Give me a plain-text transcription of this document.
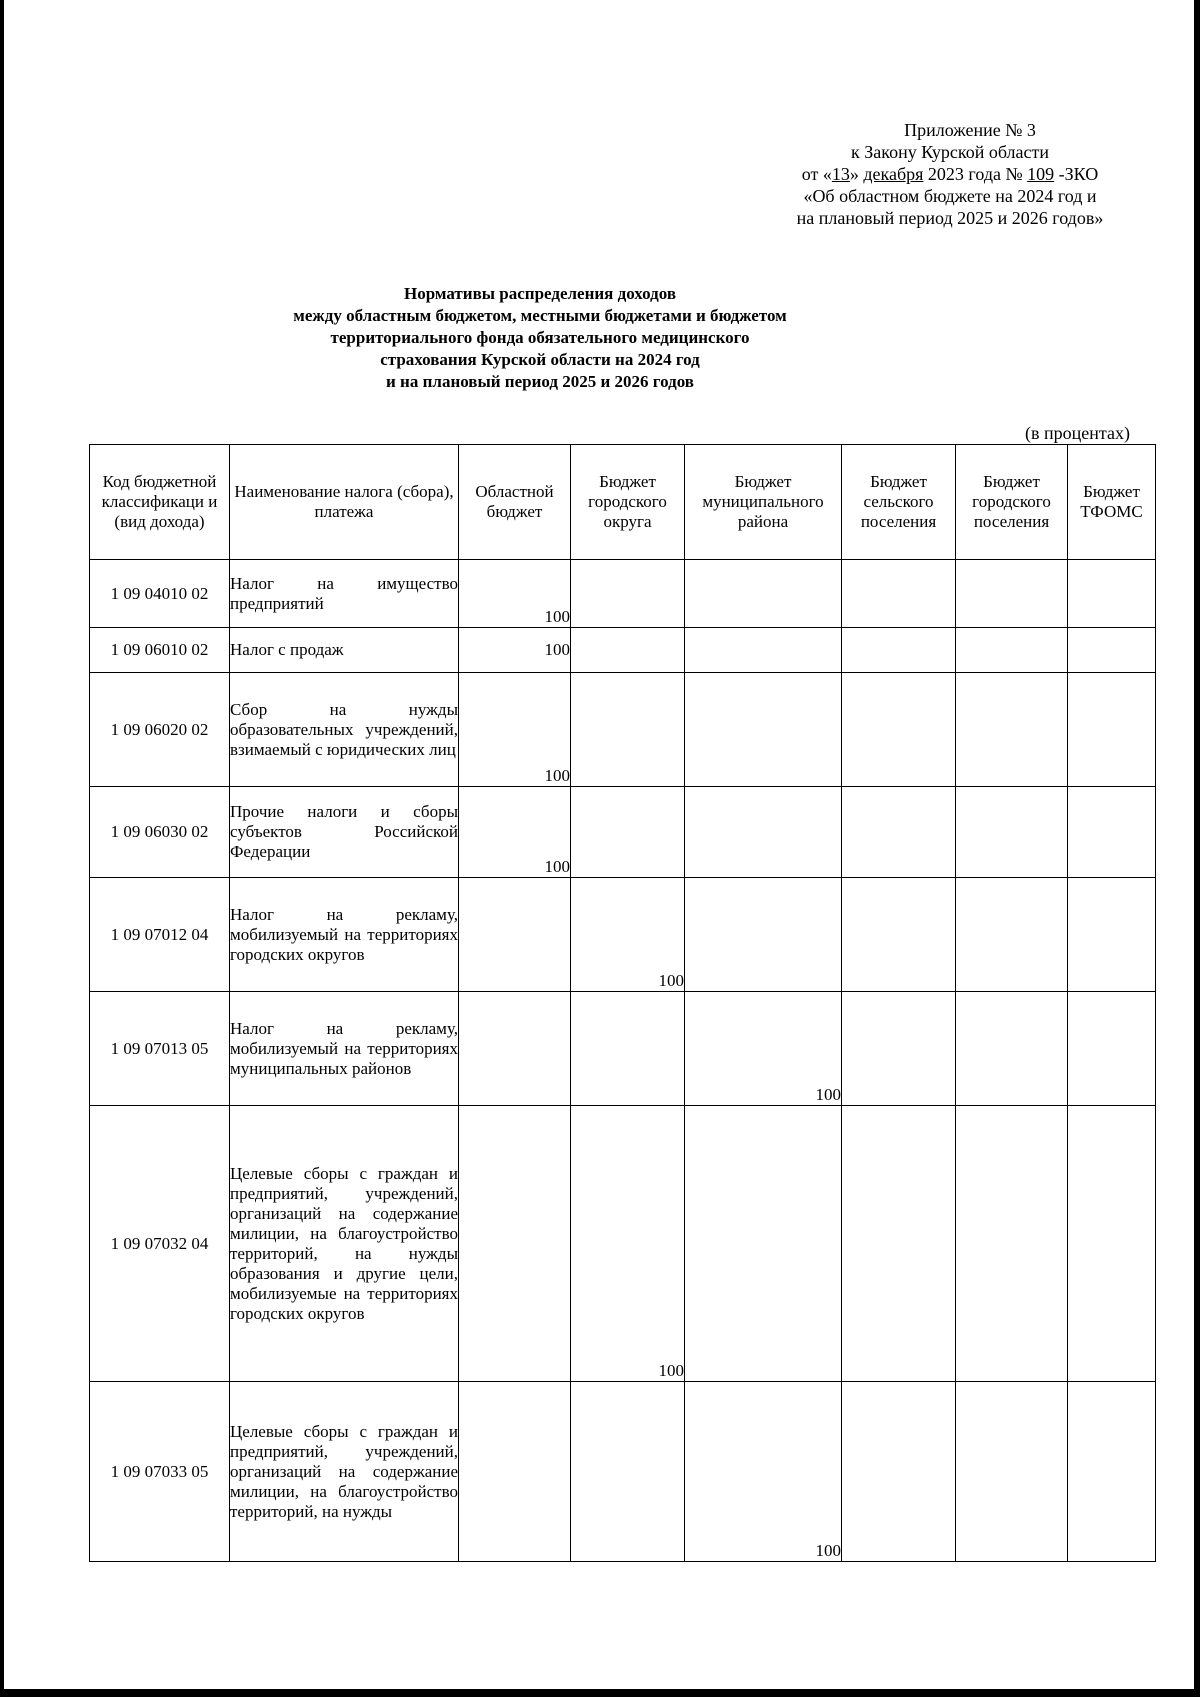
Приложение № 3
к Закону Курской области
от «13» декабря 2023 года № 109 -ЗКО
«Об областном бюджете на 2024 год и
на плановый период 2025 и 2026 годов»
Нормативы распределения доходов
между областным бюджетом, местными бюджетами и бюджетом
территориального фонда обязательного медицинского
страхования Курской области на 2024 год
и на плановый период 2025 и 2026 годов
(в процентах)
Код бюджетной классификаци и (вид дохода)	Наименование налога (сбора), платежа	Областной бюджет	Бюджет городского округа	Бюджет муниципального района	Бюджет сельского поселения	Бюджет городского поселения	Бюджет ТФОМС
1 09 04010 02	Налог на имущество предприятий	100					
1 09 06010 02	Налог с продаж	100					
1 09 06020 02	Сбор на нужды образовательных учреждений, взимаемый с юридических лиц	100					
1 09 06030 02	Прочие налоги и сборы субъектов Российской Федерации	100					
1 09 07012 04	Налог на рекламу, мобилизуемый на территориях городских округов		100				
1 09 07013 05	Налог на рекламу, мобилизуемый на территориях муниципальных районов			100			
1 09 07032 04	Целевые сборы с граждан и предприятий, учреждений, организаций на содержание милиции, на благоустройство территорий, на нужды образования и другие цели, мобилизуемые на территориях городских округов		100				
1 09 07033 05	Целевые сборы с граждан и предприятий, учреждений, организаций на содержание милиции, на благоустройство территорий, на нужды			100			
